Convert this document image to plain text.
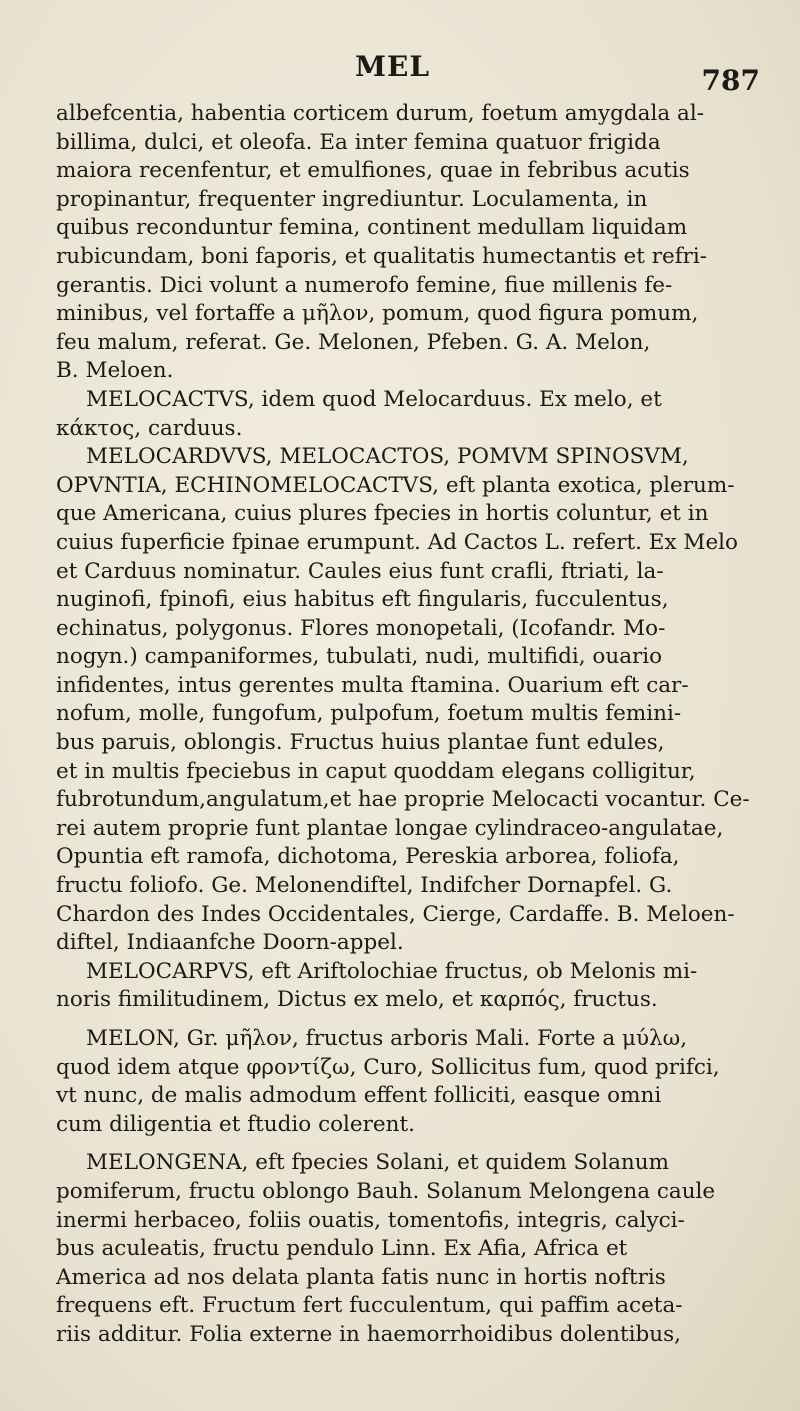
MEL	787
albefcentia, habentia corticem durum, foetum amygdala al-
billima, dulci, et oleofa. Ea inter femina quatuor frigida
maiora recenfentur, et emulfiones, quae in febribus acutis
propinantur, frequenter ingrediuntur. Loculamenta, in
quibus reconduntur femina, continent medullam liquidam
rubicundam, boni faporis, et qualitatis humectantis et refri-
gerantis. Dici volunt a numerofo femine, fiue millenis fe-
minibus, vel fortaffe a μῆλον, pomum, quod figura pomum,
feu malum, referat. Ge. Melonen, Pfeben. G. A. Melon,
B. Meloen.
MELOCACTVS, idem quod Melocarduus. Ex melo, et
κάκτος, carduus.
MELOCARDVVS, MELOCACTOS, POMVM SPINOSVM,
OPVNTIA, ECHINOMELOCACTVS, eft planta exotica, plerum-
que Americana, cuius plures fpecies in hortis coluntur, et in
cuius fuperficie fpinae erumpunt. Ad Cactos L. refert. Ex Melo
et Carduus nominatur. Caules eius funt crafli, ftriati, la-
nuginofi, fpinofi, eius habitus eft fingularis, fucculentus,
echinatus, polygonus. Flores monopetali, (Icofandr. Mo-
nogyn.) campaniformes, tubulati, nudi, multifidi, ouario
infidentes, intus gerentes multa ftamina. Ouarium eft car-
nofum, molle, fungofum, pulpofum, foetum multis femini-
bus paruis, oblongis. Fructus huius plantae funt edules,
et in multis fpeciebus in caput quoddam elegans colligitur,
fubrotundum,angulatum,et hae proprie Melocacti vocantur. Ce-
rei autem proprie funt plantae longae cylindraceo-angulatae,
Opuntia eft ramofa, dichotoma, Pereskia arborea, foliofa,
fructu foliofo. Ge. Melonendiftel, Indifcher Dornapfel. G.
Chardon des Indes Occidentales, Cierge, Cardaffe. B. Meloen-
diftel, Indiaanfche Doorn-appel.
MELOCARPVS, eft Ariftolochiae fructus, ob Melonis mi-
noris fimilitudinem, Dictus ex melo, et καρπός, fructus.
MELON, Gr. μῆλον, fructus arboris Mali. Forte a μύλω,
quod idem atque φροντίζω, Curo, Sollicitus fum, quod prifci,
vt nunc, de malis admodum effent folliciti, easque omni
cum diligentia et ftudio colerent.
MELONGENA, eft fpecies Solani, et quidem Solanum
pomiferum, fructu oblongo Bauh. Solanum Melongena caule
inermi herbaceo, foliis ouatis, tomentofis, integris, calyci-
bus aculeatis, fructu pendulo Linn. Ex Afia, Africa et
America ad nos delata planta fatis nunc in hortis noftris
frequens eft. Fructum fert fucculentum, qui paffim aceta-
riis additur. Folia externe in haemorrhoidibus dolentibus,
